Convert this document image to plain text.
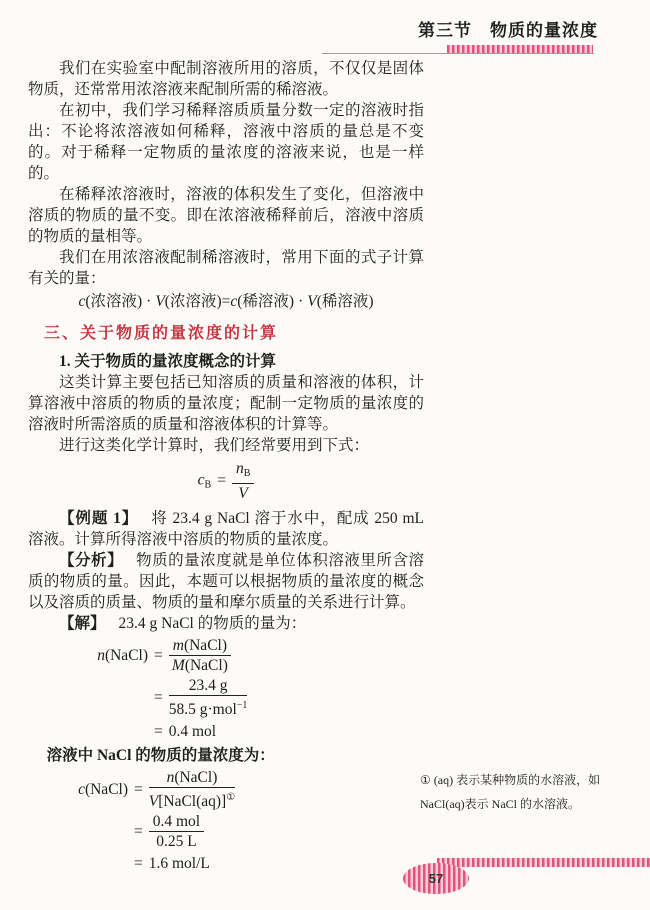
第三节　物质的量浓度

我们在实验室中配制溶液所用的溶质，不仅仅是固体物质，还常常用浓溶液来配制所需的稀溶液。

在初中，我们学习稀释溶质质量分数一定的溶液时指出：不论将浓溶液如何稀释，溶液中溶质的量总是不变的。对于稀释一定物质的量浓度的溶液来说，也是一样的。

在稀释浓溶液时，溶液的体积发生了变化，但溶液中溶质的物质的量不变。即在浓溶液稀释前后，溶液中溶质的物质的量相等。

我们在用浓溶液配制稀溶液时，常用下面的式子计算有关的量：

c(浓溶液) · V(浓溶液)=c(稀溶液) · V(稀溶液)
三、关于物质的量浓度的计算
1. 关于物质的量浓度概念的计算

这类计算主要包括已知溶质的质量和溶液的体积，计算溶液中溶质的物质的量浓度；配制一定物质的量浓度的溶液时所需溶质的质量和溶液体积的计算等。

进行这类化学计算时，我们经常要用到下式：

$c_B = \frac{n_B}{V}$

【例题 1】 将 23.4 g NaCl 溶于水中，配成 250 mL 溶液。计算所得溶液中溶质的物质的量浓度。

【分析】 物质的量浓度就是单位体积溶液里所含溶质的物质的量。因此，本题可以根据物质的量浓度的概念以及溶质的质量、物质的量和摩尔质量的关系进行计算。

【解】 23.4 g NaCl 的物质的量为：

n(NaCl) = $\frac{\text{m(NaCl)}}{\text{M(NaCl)}}$
= $\frac{23.4 g}{58.5 g\cdot mol^{-1}}$
= 0.4 mol

溶液中 NaCl 的物质的量浓度为：

c(NaCl) = $\frac{\text{n(NaCl)}}{V[NaCl(aq)]^①}$
= $\frac{\text{0.4 mol}}{0.25 L}$
= 1.6 mol/L
① (aq) 表示某种物质的水溶液，如
NaCl(aq)表示 NaCl 的水溶液。
57
